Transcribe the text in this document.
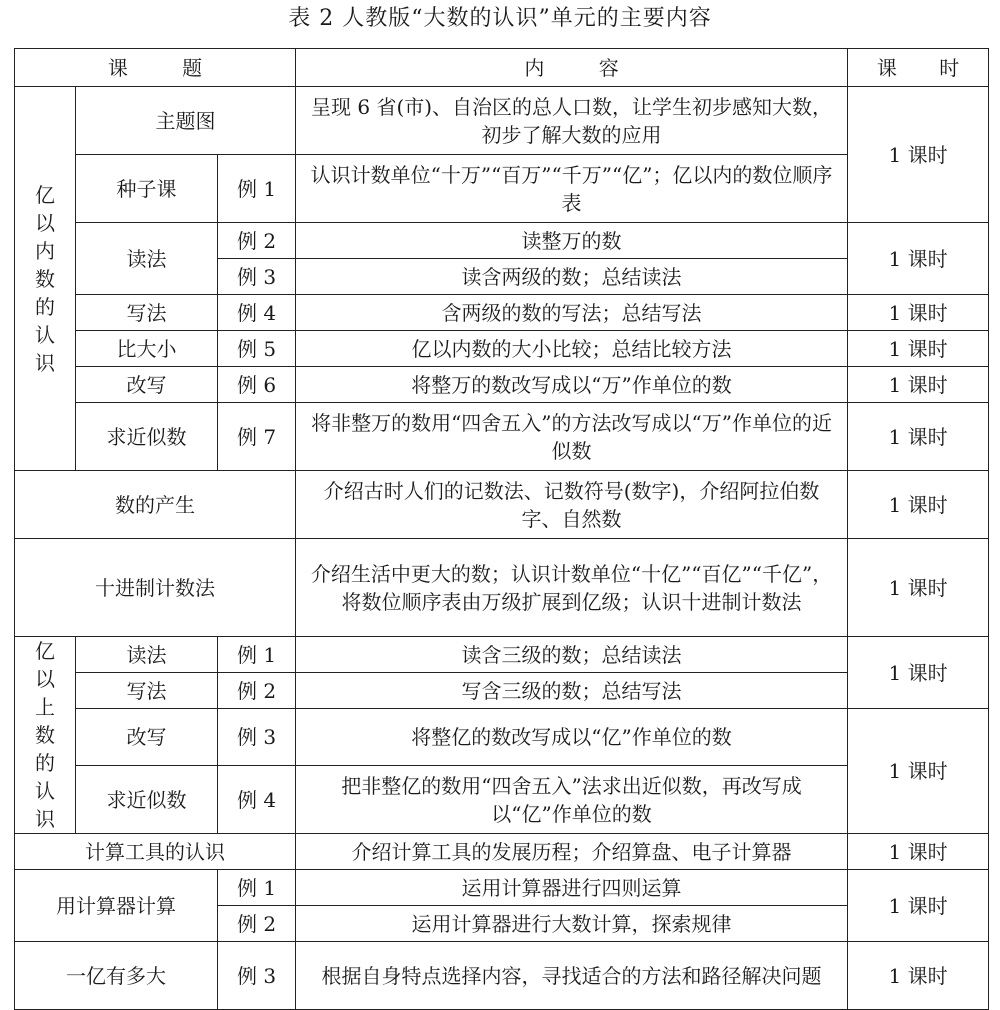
表 2 人教版“大数的认识”单元的主要内容
课 题			内 容	课 时
亿以内数的认识	主题图		呈现 6 省(市)、自治区的总人口数，让学生初步感知大数，初步了解大数的应用	1 课时
	种子课	例 1	认识计数单位“十万”“百万”“千万”“亿”；亿以内的数位顺序表	
	读法	例 2	读整万的数	1 课时
		例 3	读含两级的数；总结读法	
	写法	例 4	含两级的数的写法；总结写法	1 课时
	比大小	例 5	亿以内数的大小比较；总结比较方法	1 课时
	改写	例 6	将整万的数改写成以“万”作单位的数	1 课时
	求近似数	例 7	将非整万的数用“四舍五入”的方法改写成以“万”作单位的近似数	1 课时
数的产生			介绍古时人们的记数法、记数符号(数字)，介绍阿拉伯数字、自然数	1 课时
十进制计数法			介绍生活中更大的数；认识计数单位“十亿”“百亿”“千亿”，将数位顺序表由万级扩展到亿级；认识十进制计数法	1 课时
亿以上数的认识	读法	例 1	读含三级的数；总结读法	1 课时
	写法	例 2	写含三级的数；总结写法	
	改写	例 3	将整亿的数改写成以“亿”作单位的数	1 课时
	求近似数	例 4	把非整亿的数用“四舍五入”法求出近似数，再改写成以“亿”作单位的数	

计算工具的认识			介绍计算工具的发展历程；介绍算盘、电子计算器	1 课时
用计算器计算		例 1	运用计算器进行四则运算	1 课时
		例 2	运用计算器进行大数计算，探索规律	
一亿有多大		例 3	根据自身特点选择内容，寻找适合的方法和路径解决问题	1 课时
